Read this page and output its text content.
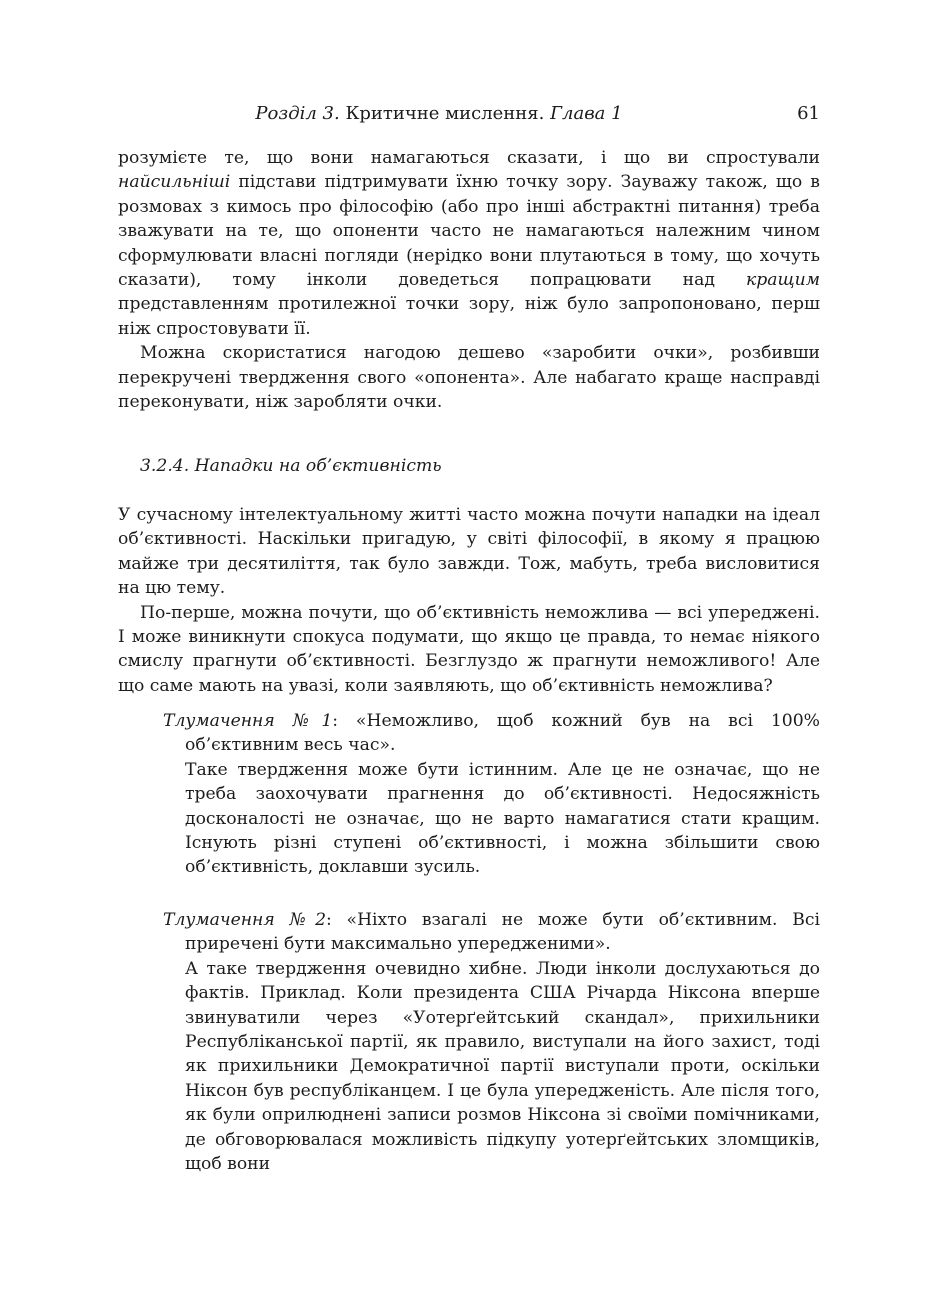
Розділ 3. Критичне мислення. Глава 1	61

розумієте те, що вони намагаються сказати, і що ви спростували найсильніші підстави підтримувати їхню точку зору. Зауважу також, що в розмовах з кимось про філософію (або про інші абстрактні питання) треба зважувати на те, що опоненти часто не намагаються належним чином сформулювати власні погляди (нерідко вони плутаються в тому, що хочуть сказати), тому інколи доведеться попрацювати над кращим представленням протилежної точки зору, ніж було запропоновано, перш ніж спростовувати її.

Можна скористатися нагодою дешево «заробити очки», розбивши перекручені твердження свого «опонента». Але набагато краще насправді переконувати, ніж заробляти очки.

3.2.4. Нападки на об’єктивність

У сучасному інтелектуальному житті часто можна почути нападки на ідеал об’єктивності. Наскільки пригадую, у світі філософії, в якому я працюю майже три десятиліття, так було завжди. Тож, мабуть, треба висловитися на цю тему.

По-перше, можна почути, що об’єктивність неможлива — всі упереджені. І може виникнути спокуса подумати, що якщо це правда, то немає ніякого смислу прагнути об’єктивності. Безглуздо ж прагнути неможливого! Але що саме мають на увазі, коли заявляють, що об’єктивність неможлива?

Тлумачення №1: «Неможливо, щоб кожний був на всі 100% об’єктивним весь час».

Таке твердження може бути істинним. Але це не означає, що не треба заохочувати прагнення до об’єктивності. Недосяжність досконалості не означає, що не варто намагатися стати кращим. Існують різні ступені об’єктивності, і можна збільшити свою об’єктивність, доклавши зусиль.

Тлумачення №2: «Ніхто взагалі не може бути об’єктивним. Всі приречені бути максимально упередженими».

А таке твердження очевидно хибне. Люди інколи дослухаються до фактів. Приклад. Коли президента США Річарда Ніксона вперше звинуватили через «Уотерґейтський скандал», прихильники Республіканської партії, як правило, виступали на його захист, тоді як прихильники Демократичної партії виступали проти, оскільки Ніксон був республіканцем. І це була упередженість. Але після того, як були оприлюднені записи розмов Ніксона зі своїми помічниками, де обговорювалася можливість підкупу уотерґейтських зломщиків, щоб вони
